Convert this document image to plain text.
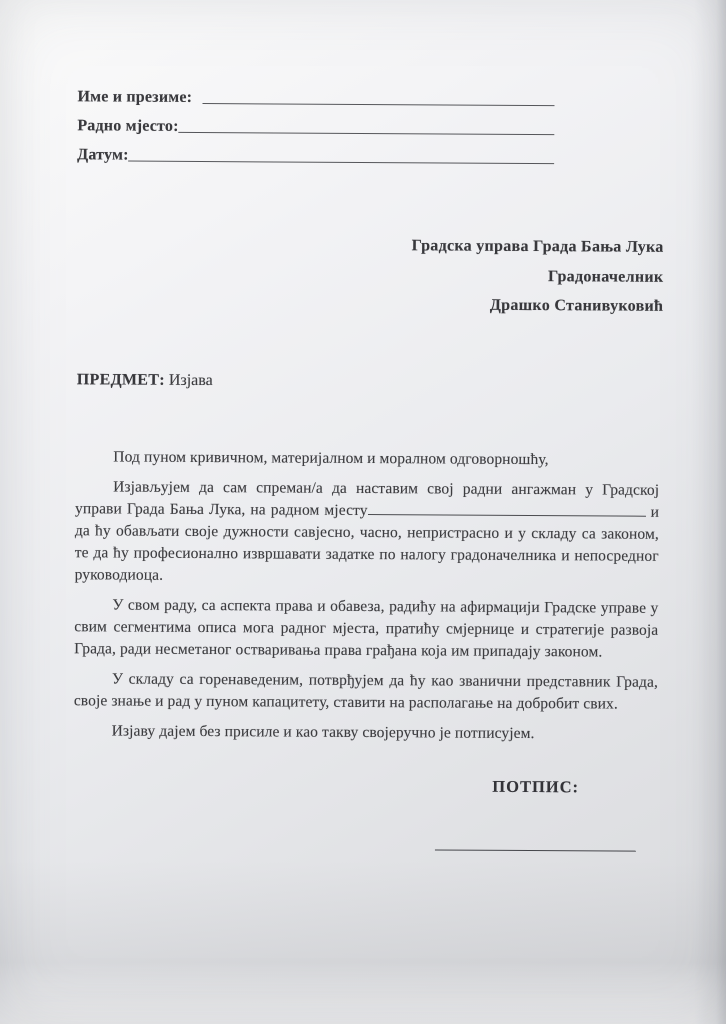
Име и презиме:
Радно мјесто:
Датум:
Градска управа Града Бања Лука
Градоначелник
Драшко Станивуковић
ПРЕДМЕТ: Изјава

Под пуном кривичном, материјалном и моралном одговорношћу,

Изјављујем да сам спреман/а да наставим свој радни ангажман у Градској управи Града Бања Лука, на радном мјесту	и да ћу обављати своје дужности савјесно, часно, непристрасно и у складу са законом, те да ћу професионално извршавати задатке по налогу градоначелника и непосредног руководиоца.

У свом раду, са аспекта права и обавеза, радићу на афирмацији Градске управе у свим сегментима описа мога радног мјеста, пратићу смјернице и стратегије развоја Града, ради несметаног остваривања права грађана која им припадају законом.

У складу са горенаведеним, потврђујем да ћу као званични представник Града, своје знање и рад у пуном капацитету, ставити на располагање на добробит свих.

Изјаву дајем без присиле и као такву својеручно је потписујем.

ПОТПИС:
